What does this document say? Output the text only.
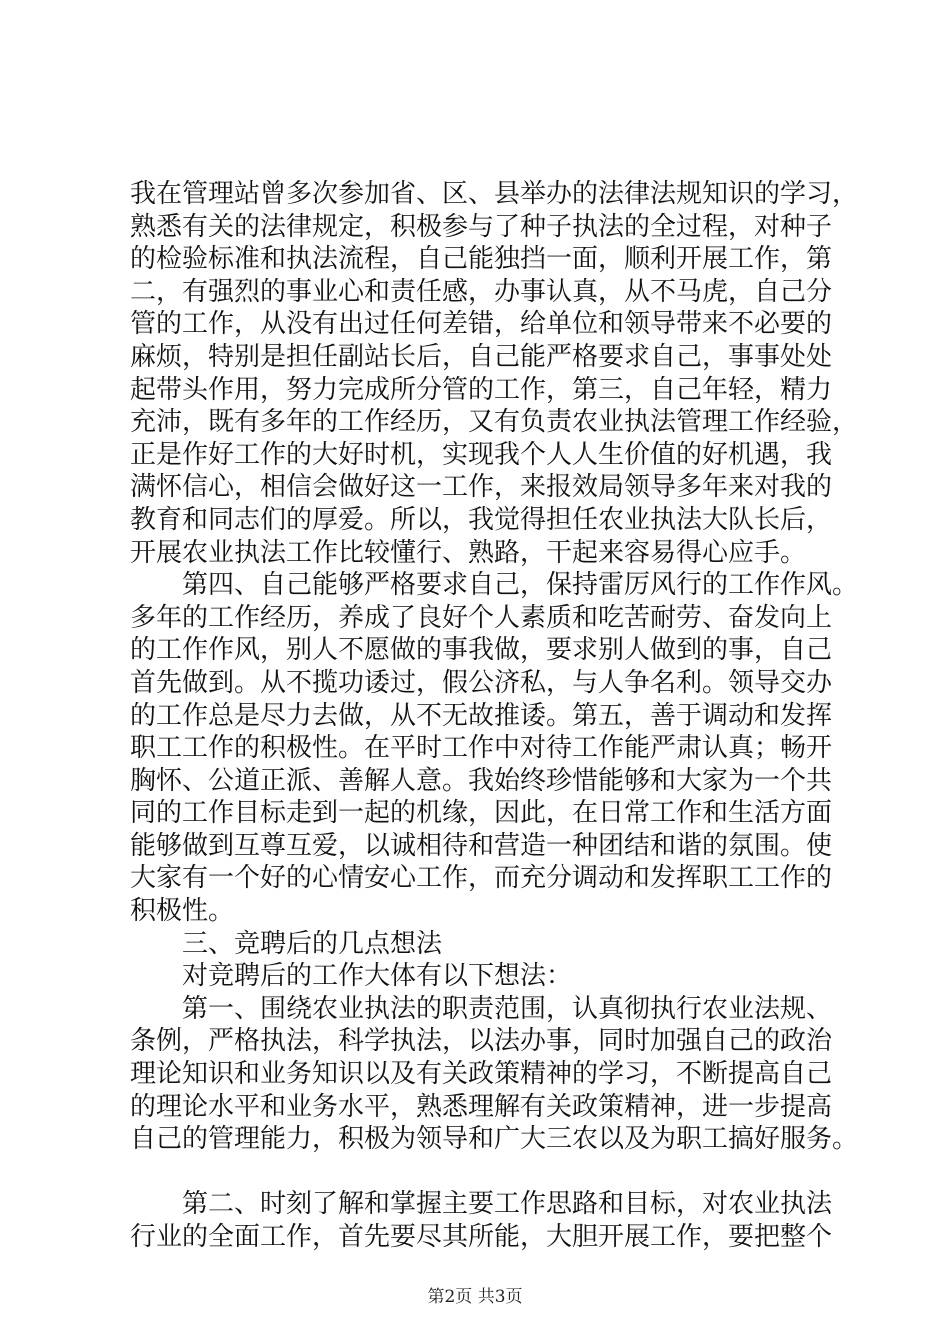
我在管理站曾多次参加省、区、县举办的法律法规知识的学习，
熟悉有关的法律规定，积极参与了种子执法的全过程，对种子
的检验标准和执法流程，自己能独挡一面，顺利开展工作，第
二，有强烈的事业心和责任感，办事认真，从不马虎，自己分
管的工作，从没有出过任何差错，给单位和领导带来不必要的
麻烦，特别是担任副站长后，自己能严格要求自己，事事处处
起带头作用，努力完成所分管的工作，第三，自己年轻，精力
充沛，既有多年的工作经历，又有负责农业执法管理工作经验，
正是作好工作的大好时机，实现我个人人生价值的好机遇，我
满怀信心，相信会做好这一工作，来报效局领导多年来对我的
教育和同志们的厚爱。所以，我觉得担任农业执法大队长后，
开展农业执法工作比较懂行、熟路，干起来容易得心应手。
第四、自己能够严格要求自己，保持雷厉风行的工作作风。
多年的工作经历，养成了良好个人素质和吃苦耐劳、奋发向上
的工作作风，别人不愿做的事我做，要求别人做到的事，自己
首先做到。从不揽功诿过，假公济私，与人争名利。领导交办
的工作总是尽力去做，从不无故推诿。第五，善于调动和发挥
职工工作的积极性。在平时工作中对待工作能严肃认真；畅开
胸怀、公道正派、善解人意。我始终珍惜能够和大家为一个共
同的工作目标走到一起的机缘，因此，在日常工作和生活方面
能够做到互尊互爱，以诚相待和营造一种团结和谐的氛围。使
大家有一个好的心情安心工作，而充分调动和发挥职工工作的
积极性。
三、竞聘后的几点想法
对竞聘后的工作大体有以下想法：
第一、围绕农业执法的职责范围，认真彻执行农业法规、
条例，严格执法，科学执法，以法办事，同时加强自己的政治
理论知识和业务知识以及有关政策精神的学习，不断提高自己
的理论水平和业务水平，熟悉理解有关政策精神，进一步提高
自己的管理能力，积极为领导和广大三农以及为职工搞好服务。
第二、时刻了解和掌握主要工作思路和目标，对农业执法
行业的全面工作，首先要尽其所能，大胆开展工作，要把整个
第2页 共3页
